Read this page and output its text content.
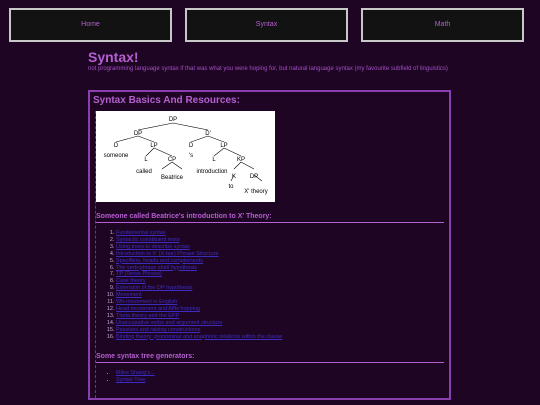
Home	Syntax	Math
Syntax!
not programming language syntax if that was what you were hoping for, but natural language syntax (my favourite subfield of linguistics)
Syntax Basics And Resources:
DP
DP	D'
D	LP	D	LP
someone
L	CP
's
L	KP
called
Beatrice
introduction
K DP
to
X' theory
Someone called Beatrice's introduction to X' Theory:
1. Fundamental syntax
2. Syntactic constituent tests
3. Using trees to describe syntax
4. Introduction to X' (X-bar) Phrase Structure
5. Specifiers, heads and complements
6. The verb-phrase shell hypothesis
7. TP (Tense Phrase)
8. Case theory
9. Extension of the DP hypothesis
10. Movement
11. Wh-movement in English
12. Head movement and Affix hopping
13. Theta theory and the EPP
14. Unaccusative verbs and argument structure
15. Passives and raising constructions
16. Binding theory: pronominal and anaphoric relations within the clause
Some syntax tree generators:
• Miles Shang's...
• Syntax Tree
